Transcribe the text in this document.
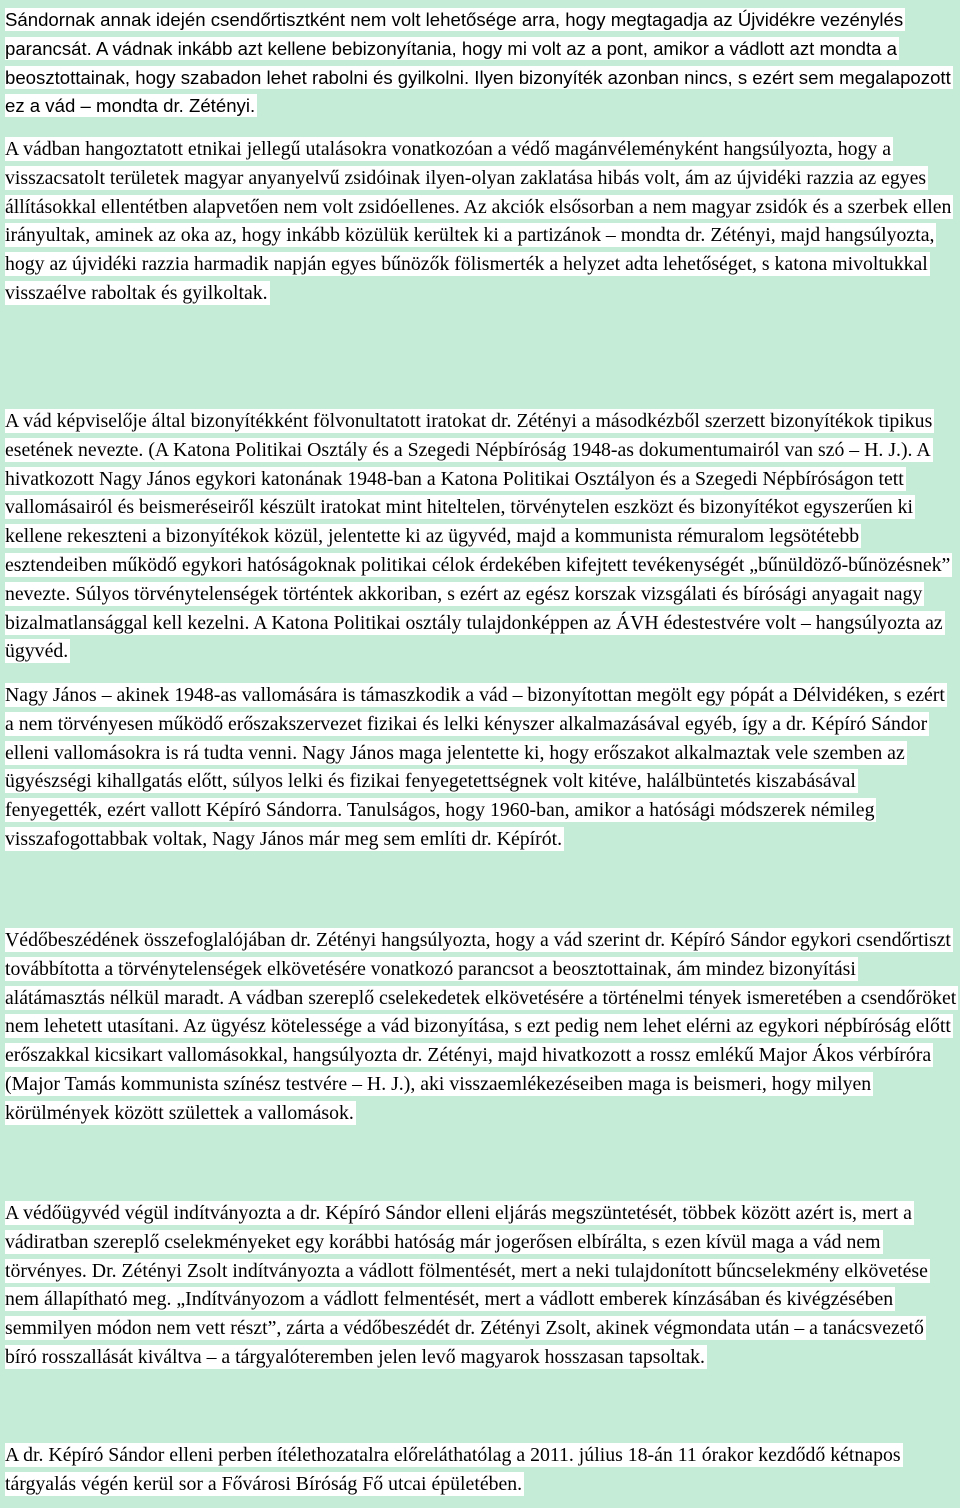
Sándornak annak idején csendőrtisztként nem volt lehetősége arra, hogy megtagadja az Újvidékre vezénylés parancsát. A vádnak inkább azt kellene bebizonyítania, hogy mi volt az a pont, amikor a vádlott azt mondta a beosztottainak, hogy szabadon lehet rabolni és gyilkolni. Ilyen bizonyíték azonban nincs, s ezért sem megalapozott ez a vád – mondta dr. Zétényi.

A vádban hangoztatott etnikai jellegű utalásokra vonatkozóan a védő magánvéleményként hangsúlyozta, hogy a visszacsatolt területek magyar anyanyelvű zsidóinak ilyen-olyan zaklatása hibás volt, ám az újvidéki razzia az egyes állításokkal ellentétben alapvetően nem volt zsidóellenes. Az akciók elsősorban a nem magyar zsidók és a szerbek ellen irányultak, aminek az oka az, hogy inkább közülük kerültek ki a partizánok – mondta dr. Zétényi, majd hangsúlyozta, hogy az újvidéki razzia harmadik napján egyes bűnözők fölismerték a helyzet adta lehetőséget, s katona mivoltukkal visszaélve raboltak és gyilkoltak.

A vád képviselője által bizonyítékként fölvonultatott iratokat dr. Zétényi a másodkézből szerzett bizonyítékok tipikus esetének nevezte. (A Katona Politikai Osztály és a Szegedi Népbíróság 1948-as dokumentumairól van szó – H. J.). A hivatkozott Nagy János egykori katonának 1948-ban a Katona Politikai Osztályon és a Szegedi Népbíróságon tett vallomásairól és beismeréseiről készült iratokat mint hiteltelen, törvénytelen eszközt és bizonyítékot egyszerűen ki kellene rekeszteni a bizonyítékok közül, jelentette ki az ügyvéd, majd a kommunista rémuralom legsötétebb esztendeiben működő egykori hatóságoknak politikai célok érdekében kifejtett tevékenységét „bűnüldöző-bűnözésnek” nevezte. Súlyos törvénytelenségek történtek akkoriban, s ezért az egész korszak vizsgálati és bírósági anyagait nagy bizalmatlansággal kell kezelni. A Katona Politikai osztály tulajdonképpen az ÁVH édestestvére volt – hangsúlyozta az ügyvéd.

Nagy János – akinek 1948-as vallomására is támaszkodik a vád – bizonyítottan megölt egy pópát a Délvidéken, s ezért a nem törvényesen működő erőszakszervezet fizikai és lelki kényszer alkalmazásával egyéb, így a dr. Képíró Sándor elleni vallomásokra is rá tudta venni. Nagy János maga jelentette ki, hogy erőszakot alkalmaztak vele szemben az ügyészségi kihallgatás előtt, súlyos lelki és fizikai fenyegetettségnek volt kitéve, halálbüntetés kiszabásával fenyegették, ezért vallott Képíró Sándorra. Tanulságos, hogy 1960-ban, amikor a hatósági módszerek némileg visszafogottabbak voltak, Nagy János már meg sem említi dr. Képírót.

Védőbeszédének összefoglalójában dr. Zétényi hangsúlyozta, hogy a vád szerint dr. Képíró Sándor egykori csendőrtiszt továbbította a törvénytelenségek elkövetésére vonatkozó parancsot a beosztottainak, ám mindez bizonyítási alátámasztás nélkül maradt. A vádban szereplő cselekedetek elkövetésére a történelmi tények ismeretében a csendőröket nem lehetett utasítani. Az ügyész kötelessége a vád bizonyítása, s ezt pedig nem lehet elérni az egykori népbíróság előtt erőszakkal kicsikart vallomásokkal, hangsúlyozta dr. Zétényi, majd hivatkozott a rossz emlékű Major Ákos vérbíróra (Major Tamás kommunista színész testvére – H. J.), aki visszaemlékezéseiben maga is beismeri, hogy milyen körülmények között születtek a vallomások.

A védőügyvéd végül indítványozta a dr. Képíró Sándor elleni eljárás megszüntetését, többek között azért is, mert a vádiratban szereplő cselekményeket egy korábbi hatóság már jogerősen elbírálta, s ezen kívül maga a vád nem törvényes. Dr. Zétényi Zsolt indítványozta a vádlott fölmentését, mert a neki tulajdonított bűncselekmény elkövetése nem állapítható meg. „Indítványozom a vádlott felmentését, mert a vádlott emberek kínzásában és kivégzésében semmilyen módon nem vett részt”, zárta a védőbeszédét dr. Zétényi Zsolt, akinek végmondata után – a tanácsvezető bíró rosszallását kiváltva – a tárgyalóteremben jelen levő magyarok hosszasan tapsoltak.

A dr. Képíró Sándor elleni perben ítélethozatalra előreláthatólag a 2011. július 18-án 11 órakor kezdődő kétnapos tárgyalás végén kerül sor a Fővárosi Bíróság Fő utcai épületében.
